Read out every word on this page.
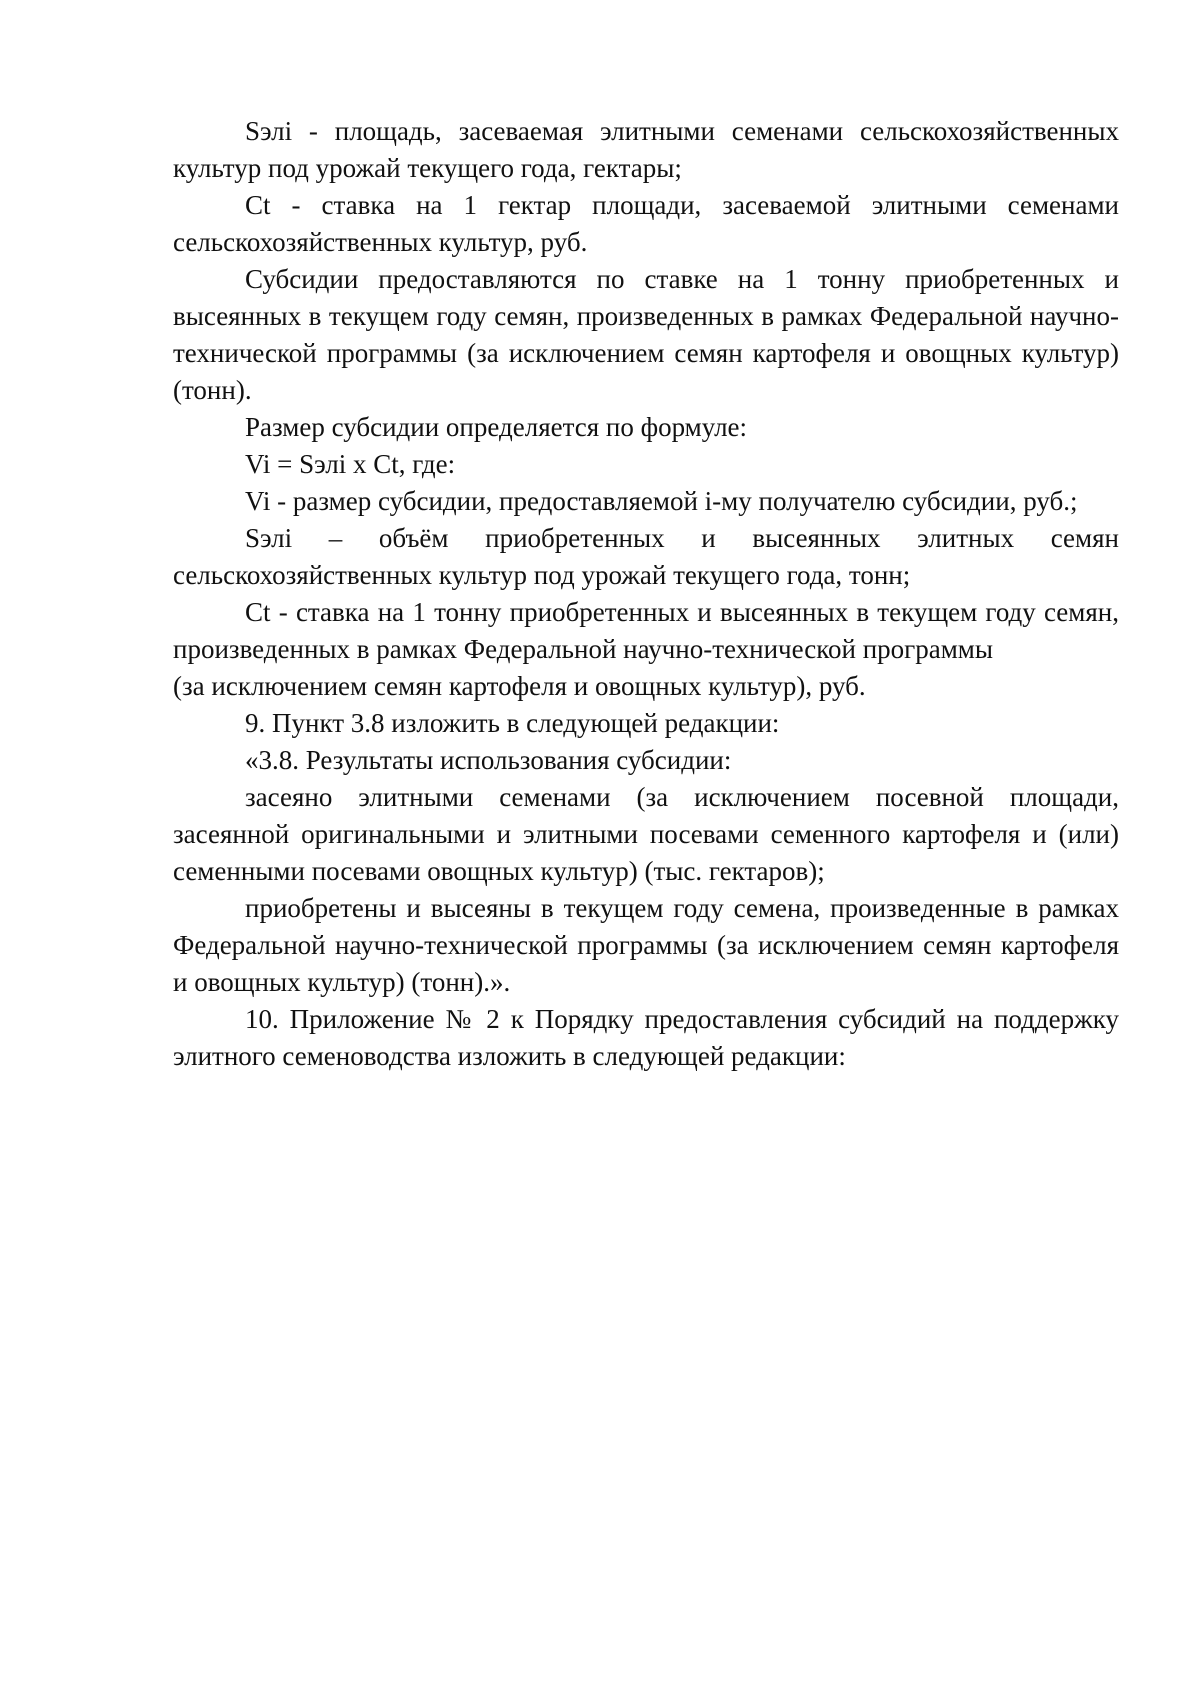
Sэлi - площадь, засеваемая элитными семенами сельскохозяйственных культур под урожай текущего года, гектары;

Ct - ставка на 1 гектар площади, засеваемой элитными семенами сельскохозяйственных культур, руб.

Субсидии предоставляются по ставке на 1 тонну приобретенных и высеянных в текущем году семян, произведенных в рамках Федеральной научно-технической программы (за исключением семян картофеля и овощных культур) (тонн).

Размер субсидии определяется по формуле:

Vi = Sэлi x Ct, где:

Vi - размер субсидии, предоставляемой i-му получателю субсидии, руб.;

Sэлi – объём приобретенных и высеянных элитных семян сельскохозяйственных культур под урожай текущего года, тонн;

Ct - ставка на 1 тонну приобретенных и высеянных в текущем году семян, произведенных в рамках Федеральной научно-технической программы

(за исключением семян картофеля и овощных культур), руб.

9. Пункт 3.8 изложить в следующей редакции:

«3.8. Результаты использования субсидии:

засеяно элитными семенами (за исключением посевной площади, засеянной оригинальными и элитными посевами семенного картофеля и (или) семенными посевами овощных культур) (тыс. гектаров);

приобретены и высеяны в текущем году семена, произведенные в рамках Федеральной научно-технической программы (за исключением семян картофеля и овощных культур) (тонн).».

10. Приложение № 2 к Порядку предоставления субсидий на поддержку элитного семеноводства изложить в следующей редакции:
